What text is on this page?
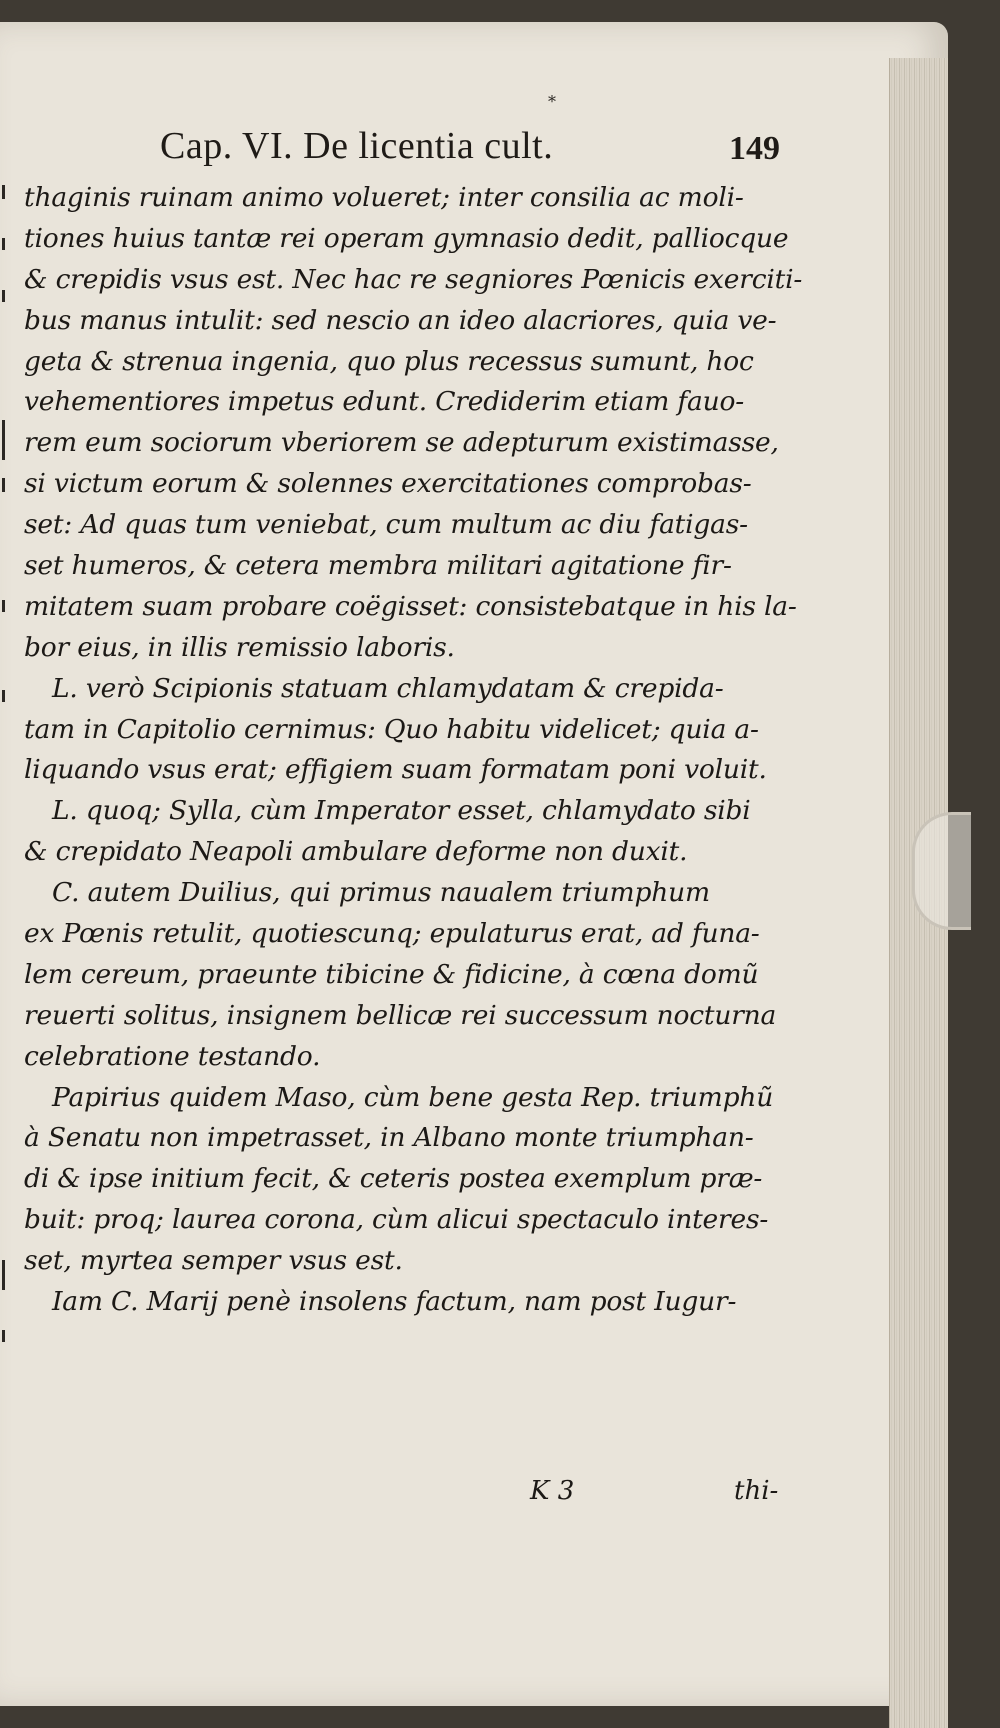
*
Cap. VI. De licentia cult.	149
thaginis ruinam animo volueret; inter consilia ac moli-
tiones huius tantæ rei operam gymnasio dedit, palliocque
& crepidis vsus est. Nec hac re segniores Pœnicis exerciti-
bus manus intulit: sed nescio an ideo alacriores, quia ve-
geta & strenua ingenia, quo plus recessus sumunt, hoc
vehementiores impetus edunt. Crediderim etiam fauo-
rem eum sociorum vberiorem se adepturum existimasse,
si victum eorum & solennes exercitationes comprobas-
set: Ad quas tum veniebat, cum multum ac diu fatigas-
set humeros, & cetera membra militari agitatione fir-
mitatem suam probare coëgisset: consistebatque in his la-
bor eius, in illis remissio laboris.
L. verò Scipionis statuam chlamydatam & crepida-
tam in Capitolio cernimus: Quo habitu videlicet; quia a-
liquando vsus erat; effigiem suam formatam poni voluit.
L. quoq; Sylla, cùm Imperator esset, chlamydato sibi
& crepidato Neapoli ambulare deforme non duxit.
C. autem Duilius, qui primus naualem triumphum
ex Pœnis retulit, quotiescunq; epulaturus erat, ad funa-
lem cereum, praeunte tibicine & fidicine, à cœna domũ
reuerti solitus, insignem bellicæ rei successum nocturna
celebratione testando.
Papirius quidem Maso, cùm bene gesta Rep. triumphũ
à Senatu non impetrasset, in Albano monte triumphan-
di & ipse initium fecit, & ceteris postea exemplum præ-
buit: proq; laurea corona, cùm alicui spectaculo interes-
set, myrtea semper vsus est.
Iam C. Marij penè insolens factum, nam post Iugur-
K 3	thi-
